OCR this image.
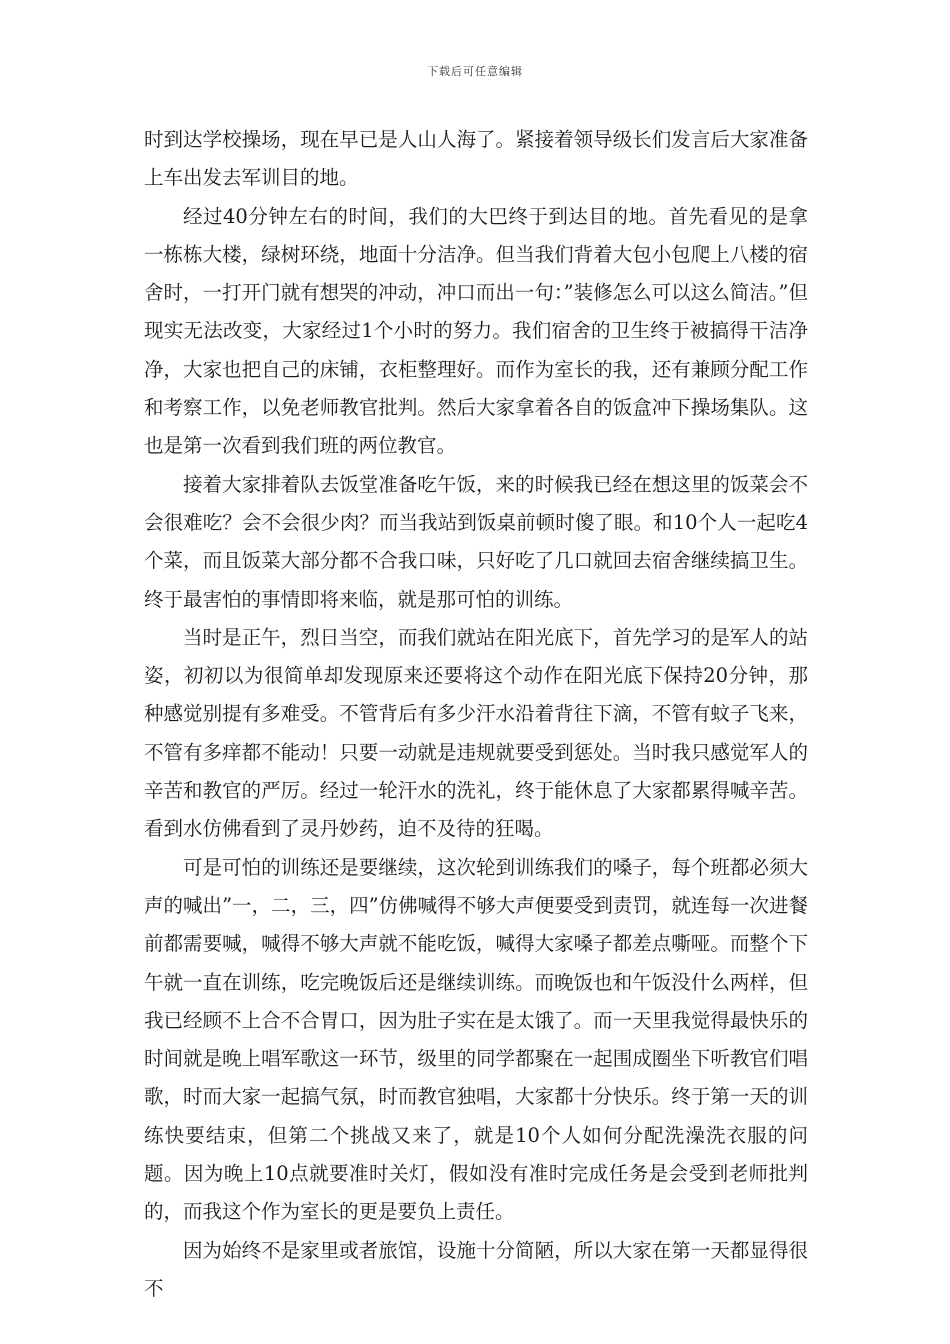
下载后可任意编辑

时到达学校操场，现在早已是人山人海了。紧接着领导级长们发言后大家准备上车出发去军训目的地。

经过40分钟左右的时间，我们的大巴终于到达目的地。首先看见的是拿一栋栋大楼，绿树环绕，地面十分洁净。但当我们背着大包小包爬上八楼的宿舍时，一打开门就有想哭的冲动，冲口而出一句：”装修怎么可以这么简洁。”但现实无法改变，大家经过1个小时的努力。我们宿舍的卫生终于被搞得干洁净净，大家也把自己的床铺，衣柜整理好。而作为室长的我，还有兼顾分配工作和考察工作，以免老师教官批判。然后大家拿着各自的饭盒冲下操场集队。这也是第一次看到我们班的两位教官。

接着大家排着队去饭堂准备吃午饭，来的时候我已经在想这里的饭菜会不会很难吃？会不会很少肉？而当我站到饭桌前顿时傻了眼。和10个人一起吃4个菜，而且饭菜大部分都不合我口味，只好吃了几口就回去宿舍继续搞卫生。终于最害怕的事情即将来临，就是那可怕的训练。

当时是正午，烈日当空，而我们就站在阳光底下，首先学习的是军人的站姿，初初以为很简单却发现原来还要将这个动作在阳光底下保持20分钟，那种感觉别提有多难受。不管背后有多少汗水沿着背往下滴，不管有蚊子飞来，不管有多痒都不能动！只要一动就是违规就要受到惩处。当时我只感觉军人的辛苦和教官的严厉。经过一轮汗水的洗礼，终于能休息了大家都累得喊辛苦。看到水仿佛看到了灵丹妙药，迫不及待的狂喝。

可是可怕的训练还是要继续，这次轮到训练我们的嗓子，每个班都必须大声的喊出”一，二，三，四”仿佛喊得不够大声便要受到责罚，就连每一次进餐前都需要喊，喊得不够大声就不能吃饭，喊得大家嗓子都差点嘶哑。而整个下午就一直在训练，吃完晚饭后还是继续训练。而晚饭也和午饭没什么两样，但我已经顾不上合不合胃口，因为肚子实在是太饿了。而一天里我觉得最快乐的时间就是晚上唱军歌这一环节，级里的同学都聚在一起围成圈坐下听教官们唱歌，时而大家一起搞气氛，时而教官独唱，大家都十分快乐。终于第一天的训练快要结束，但第二个挑战又来了，就是10个人如何分配洗澡洗衣服的问题。因为晚上10点就要准时关灯，假如没有准时完成任务是会受到老师批判的，而我这个作为室长的更是要负上责任。

因为始终不是家里或者旅馆，设施十分简陋，所以大家在第一天都显得很不
